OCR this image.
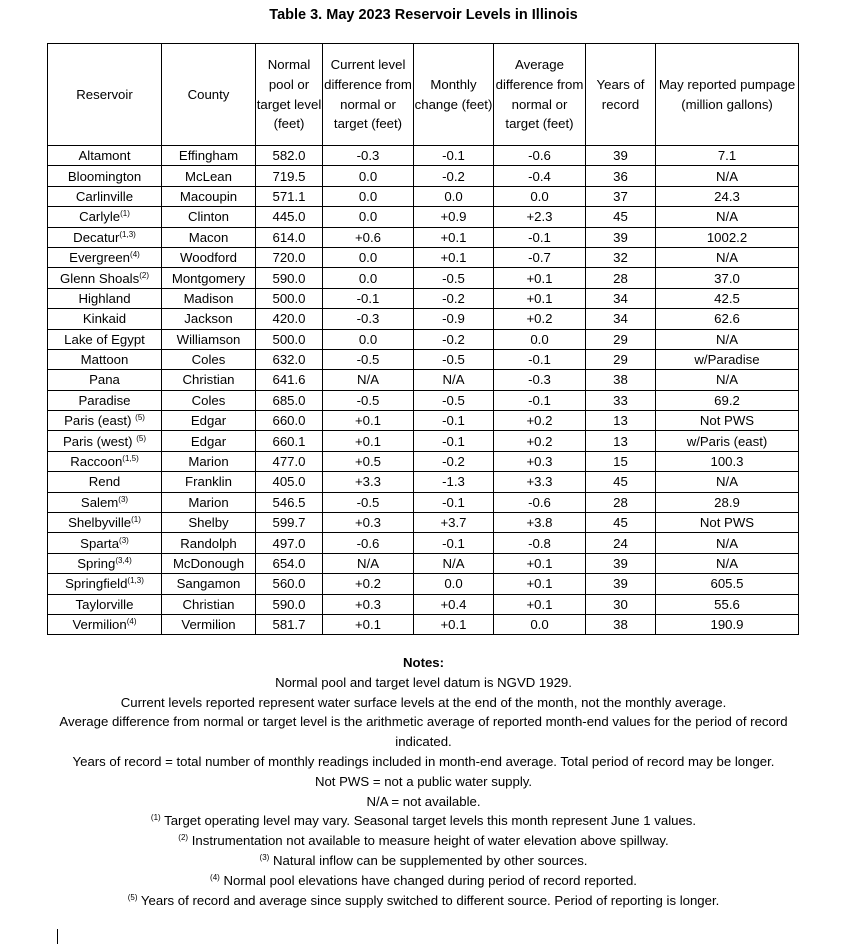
Table 3. May 2023 Reservoir Levels in Illinois
Reservoir	County	Normal pool or target level (feet)	Current level difference from normal or target (feet)	Monthly change (feet)	Average difference from normal or target (feet)	Years of record	May reported pumpage (million gallons)
Altamont	Effingham	582.0	-0.3	-0.1	-0.6	39	7.1
Bloomington	McLean	719.5	0.0	-0.2	-0.4	36	N/A
Carlinville	Macoupin	571.1	0.0	0.0	0.0	37	24.3
Carlyle$^{(1)}$	Clinton	445.0	0.0	+0.9	+2.3	45	N/A
Decatur$^{(1,3)}$	Macon	614.0	+0.6	+0.1	-0.1	39	1002.2
Evergreen$^{(4)}$	Woodford	720.0	0.0	+0.1	-0.7	32	N/A
Glenn Shoals$^{(2)}$	Montgomery	590.0	0.0	-0.5	+0.1	28	37.0
Highland	Madison	500.0	-0.1	-0.2	+0.1	34	42.5
Kinkaid	Jackson	420.0	-0.3	-0.9	+0.2	34	62.6
Lake of Egypt	Williamson	500.0	0.0	-0.2	0.0	29	N/A
Mattoon	Coles	632.0	-0.5	-0.5	-0.1	29	w/Paradise
Pana	Christian	641.6	N/A	N/A	-0.3	38	N/A
Paradise	Coles	685.0	-0.5	-0.5	-0.1	33	69.2
Paris (east) $^{(5)}$	Edgar	660.0	+0.1	-0.1	+0.2	13	Not PWS
Paris (west) $^{(5)}$	Edgar	660.1	+0.1	-0.1	+0.2	13	w/Paris (east)
Raccoon$^{(1,5)}$	Marion	477.0	+0.5	-0.2	+0.3	15	100.3
Rend	Franklin	405.0	+3.3	-1.3	+3.3	45	N/A
Salem$^{(3)}$	Marion	546.5	-0.5	-0.1	-0.6	28	28.9
Shelbyville$^{(1)}$	Shelby	599.7	+0.3	+3.7	+3.8	45	Not PWS
Sparta$^{(3)}$	Randolph	497.0	-0.6	-0.1	-0.8	24	N/A
Spring$^{(3,4)}$	McDonough	654.0	N/A	N/A	+0.1	39	N/A
Springfield$^{(1,3)}$	Sangamon	560.0	+0.2	0.0	+0.1	39	605.5
Taylorville	Christian	590.0	+0.3	+0.4	+0.1	30	55.6
Vermilion$^{(4)}$	Vermilion	581.7	+0.1	+0.1	0.0	38	190.9

Notes:

Normal pool and target level datum is NGVD 1929.

Current levels reported represent water surface levels at the end of the month, not the monthly average.

Average difference from normal or target level is the arithmetic average of reported month-end values for the period of record indicated.

Years of record = total number of monthly readings included in month-end average. Total period of record may be longer.

Not PWS = not a public water supply.

N/A = not available.

$^{(1)}$ Target operating level may vary. Seasonal target levels this month represent June 1 values.

$^{(2)}$ Instrumentation not available to measure height of water elevation above spillway.

$^{(3)}$ Natural inflow can be supplemented by other sources.

$^{(4)}$ Normal pool elevations have changed during period of record reported.

$^{(5)}$ Years of record and average since supply switched to different source. Period of reporting is longer.
